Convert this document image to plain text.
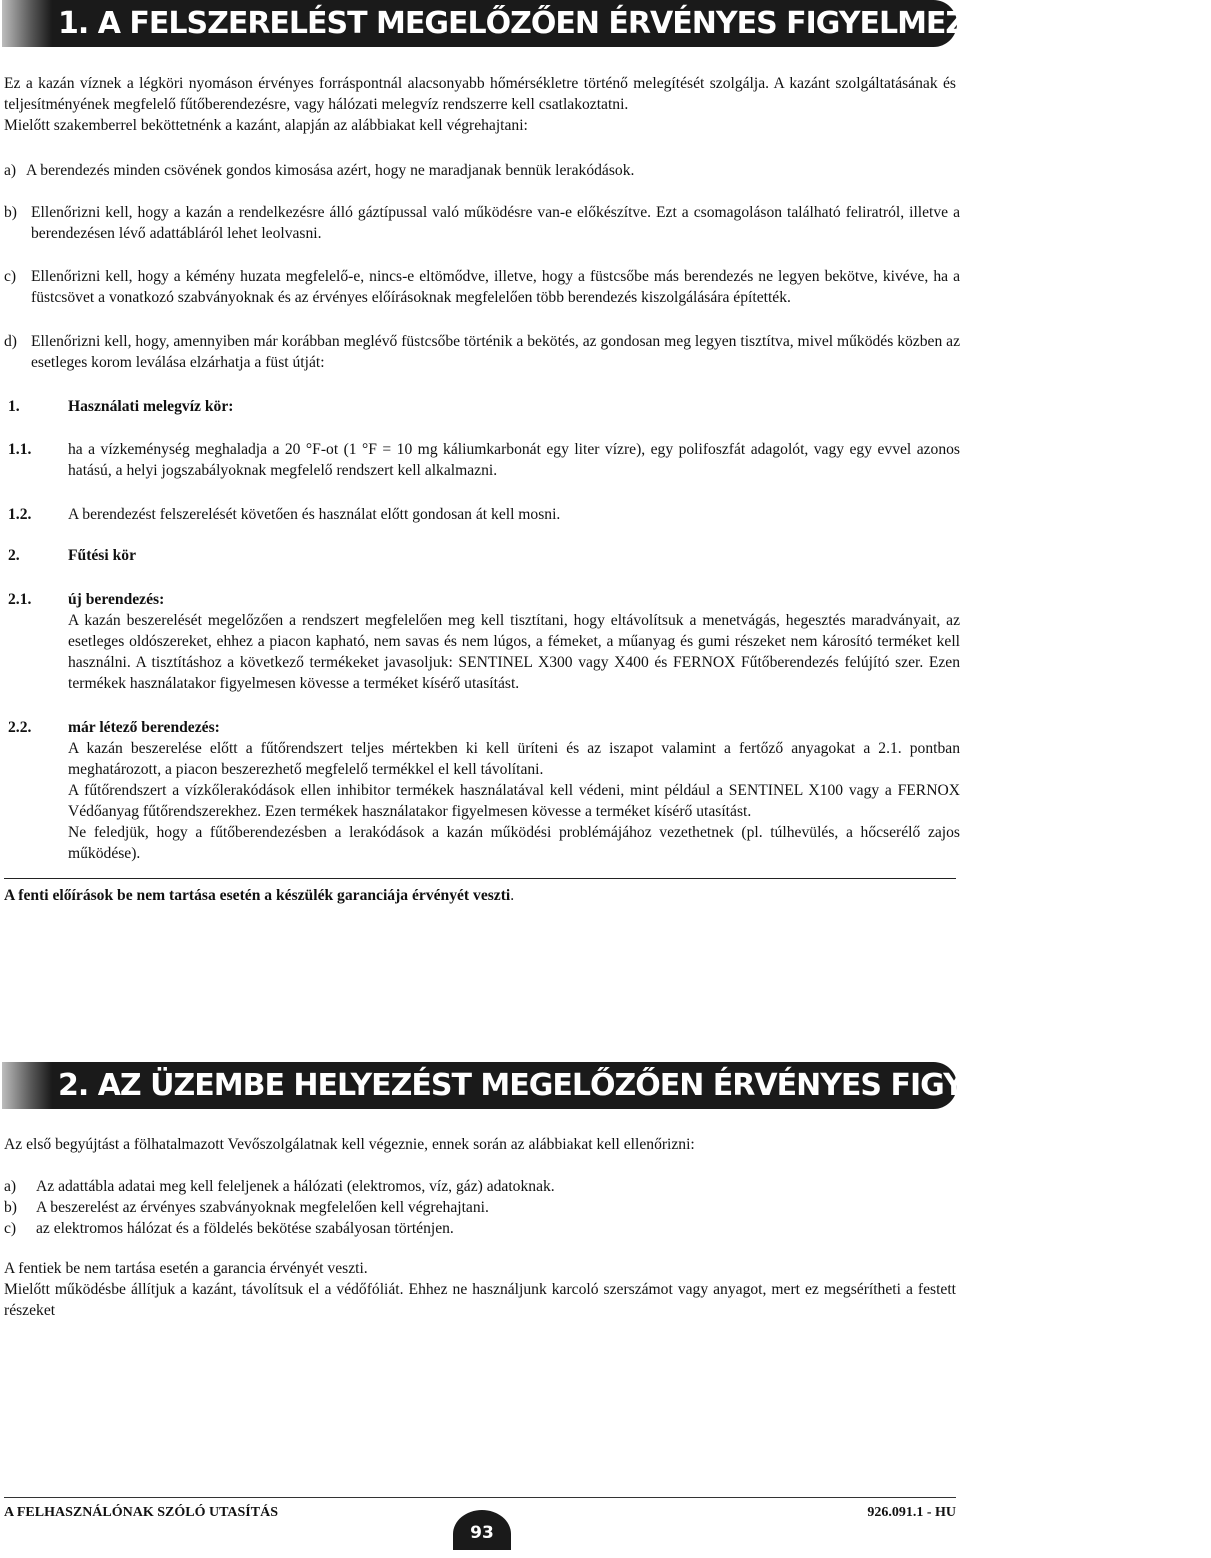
1. A FELSZERELÉST MEGELŐZŐEN ÉRVÉNYES FIGYELMEZTETÉSEK

Ez a kazán víznek a légköri nyomáson érvényes forráspontnál alacsonyabb hőmérsékletre történő melegítését szolgálja. A kazánt szolgáltatásának és teljesítményének megfelelő fűtőberendezésre, vagy hálózati melegvíz rendszerre kell csatlakoztatni.

Mielőtt szakemberrel beköttetnénk a kazánt, alapján az alábbiakat kell végrehajtani:

a) A berendezés minden csövének gondos kimosása azért, hogy ne maradjanak bennük lerakódások.
b) Ellenőrizni kell, hogy a kazán a rendelkezésre álló gáztípussal való működésre van-e előkészítve. Ezt a csomagoláson található feliratról, illetve a berendezésen lévő adattábláról lehet leolvasni.
c) Ellenőrizni kell, hogy a kémény huzata megfelelő-e, nincs-e eltömődve, illetve, hogy a füstcsőbe más berendezés ne legyen bekötve, kivéve, ha a füstcsövet a vonatkozó szabványoknak és az érvényes előírásoknak megfelelően több berendezés kiszolgálására építették.
d) Ellenőrizni kell, hogy, amennyiben már korábban meglévő füstcsőbe történik a bekötés, az gondosan meg legyen tisztítva, mivel működés közben az esetleges korom leválása elzárhatja a füst útját:
1.	Használati melegvíz kör:
1.1.	ha a vízkeménység meghaladja a 20 °F-ot (1 °F = 10 mg káliumkarbonát egy liter vízre), egy polifoszfát adagolót, vagy egy evvel azonos hatású, a helyi jogszabályoknak megfelelő rendszert kell alkalmazni.
1.2.	A berendezést felszerelését követően és használat előtt gondosan át kell mosni.
2.	Fűtési kör
2.1.	új berendezés:
A kazán beszerelését megelőzően a rendszert megfelelően meg kell tisztítani, hogy eltávolítsuk a menetvágás, hegesztés maradványait, az esetleges oldószereket, ehhez a piacon kapható, nem savas és nem lúgos, a fémeket, a műanyag és gumi részeket nem károsító terméket kell használni. A tisztításhoz a következő termékeket javasoljuk: SENTINEL X300 vagy X400 és FERNOX Fűtőberendezés felújító szer. Ezen termékek használatakor figyelmesen kövesse a terméket kísérő utasítást.
2.2.	már létező berendezés:
A kazán beszerelése előtt a fűtőrendszert teljes mértekben ki kell üríteni és az iszapot valamint a fertőző anyagokat a 2.1. pontban meghatározott, a piacon beszerezhető megfelelő termékkel el kell távolítani.
A fűtőrendszert a vízkőlerakódások ellen inhibitor termékek használatával kell védeni, mint például a SENTINEL X100 vagy a FERNOX Védőanyag fűtőrendszerekhez. Ezen termékek használatakor figyelmesen kövesse a terméket kísérő utasítást.
Ne feledjük, hogy a fűtőberendezésben a lerakódások a kazán működési problémájához vezethetnek (pl. túlhevülés, a hőcserélő zajos működése).
A fenti előírások be nem tartása esetén a készülék garanciája érvényét veszti.
2. AZ ÜZEMBE HELYEZÉST MEGELŐZŐEN ÉRVÉNYES FIGYELMEZTETÉSEK

Az első begyújtást a fölhatalmazott Vevőszolgálatnak kell végeznie, ennek során az alábbiakat kell ellenőrizni:

a) Az adattábla adatai meg kell feleljenek a hálózati (elektromos, víz, gáz) adatoknak.
b) A beszerelést az érvényes szabványoknak megfelelően kell végrehajtani.
c) az elektromos hálózat és a földelés bekötése szabályosan történjen.

A fentiek be nem tartása esetén a garancia érvényét veszti.

Mielőtt működésbe állítjuk a kazánt, távolítsuk el a védőfóliát. Ehhez ne használjunk karcoló szerszámot vagy anyagot, mert ez megsérítheti a festett részeket

A FELHASZNÁLÓNAK SZÓLÓ UTASÍTÁS
93
926.091.1 - HU
